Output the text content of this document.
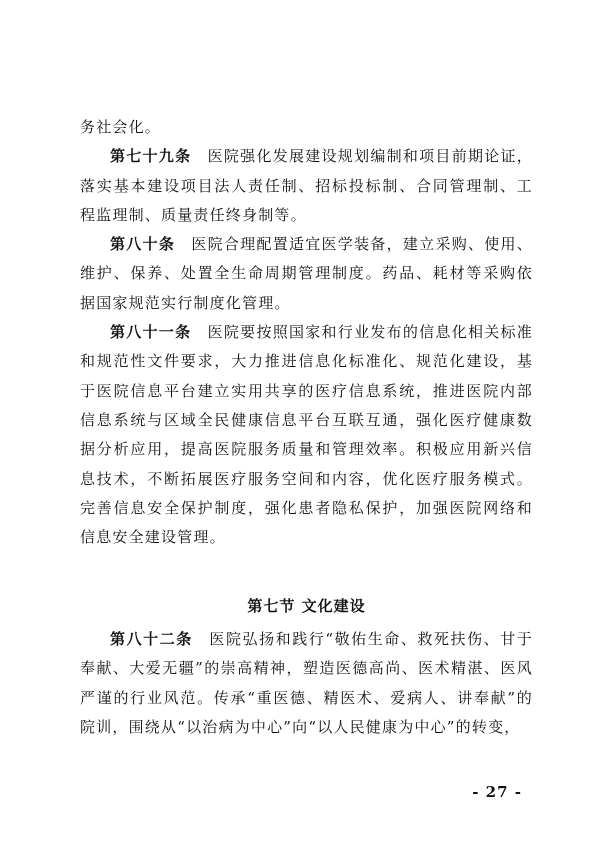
务社会化。

第七十九条  医院强化发展建设规划编制和项目前期论证，落实基本建设项目法人责任制、招标投标制、合同管理制、工程监理制、质量责任终身制等。

第八十条  医院合理配置适宜医学装备，建立采购、使用、维护、保养、处置全生命周期管理制度。药品、耗材等采购依据国家规范实行制度化管理。

第八十一条  医院要按照国家和行业发布的信息化相关标准和规范性文件要求，大力推进信息化标准化、规范化建设，基于医院信息平台建立实用共享的医疗信息系统，推进医院内部信息系统与区域全民健康信息平台互联互通，强化医疗健康数据分析应用，提高医院服务质量和管理效率。积极应用新兴信息技术，不断拓展医疗服务空间和内容，优化医疗服务模式。完善信息安全保护制度，强化患者隐私保护，加强医院网络和信息安全建设管理。

第七节 文化建设

第八十二条  医院弘扬和践行“敬佑生命、救死扶伤、甘于奉献、大爱无疆”的崇高精神，塑造医德高尚、医术精湛、医风严谨的行业风范。传承“重医德、精医术、爱病人、讲奉献”的院训，围绕从“以治病为中心”向“以人民健康为中心”的转变，

- 27 -
